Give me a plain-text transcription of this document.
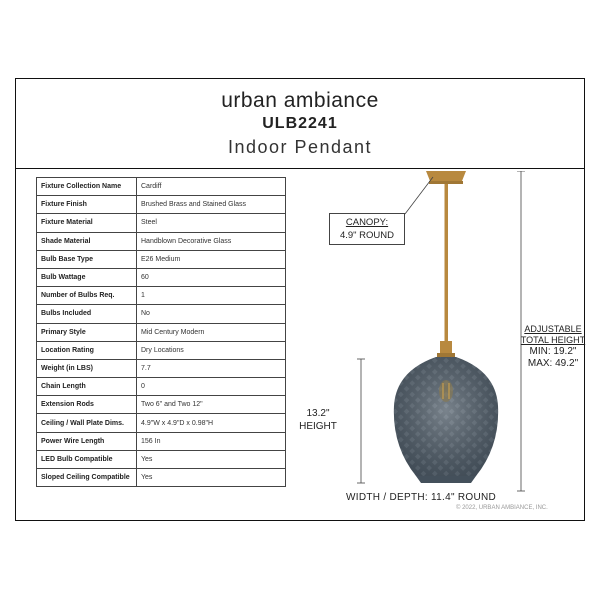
urban ambiance
ULB2241
Indoor Pendant
Fixture Collection Name	Cardiff
Fixture Finish	Brushed Brass and Stained Glass
Fixture Material	Steel
Shade Material	Handblown Decorative Glass
Bulb Base Type	E26 Medium
Bulb Wattage	60
Number of Bulbs Req.	1
Bulbs Included	No
Primary Style	Mid Century Modern
Location Rating	Dry Locations
Weight (in LBS)	7.7
Chain Length	0
Extension Rods	Two 6" and Two 12"
Ceiling / Wall Plate Dims.	4.9"W x 4.9"D x 0.98"H
Power Wire Length	156 In
LED Bulb Compatible	Yes
Sloped Ceiling Compatible	Yes
CANOPY:
4.9" ROUND
ADJUSTABLE
TOTAL HEIGHT
MIN: 19.2"
MAX: 49.2"
13.2"
HEIGHT
WIDTH / DEPTH: 11.4" ROUND
© 2022, URBAN AMBIANCE, INC.
